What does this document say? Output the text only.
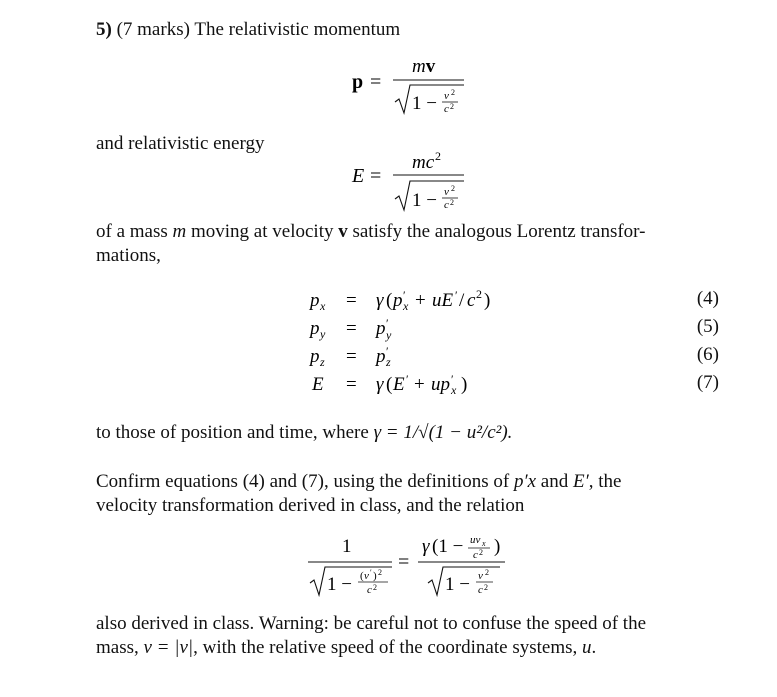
5) (7 marks) The relativistic momentum
p =
mv
1 − v 2
c 2
and relativistic energy
E =
mc 2
1 − v 2
c 2
of a mass m moving at velocity v satisfy the analogous Lorentz transfor-
mations,
p x = γ ( p ′
x + uE ′ / c 2 )
p y = p ′
y
p z = p ′
z
E = γ ( E ′ + up ′
x )
(4)
(5)
(6)
(7)
to those of position and time, where γ = 1/√(1 − u²/c²).
Confirm equations (4) and (7), using the definitions of p′x and E′, the
velocity transformation derived in class, and the relation
1
1 − ( v ′ ) 2
c 2
=
γ (1 − uv x
c 2 )
1 − v 2
c 2
also derived in class. Warning: be careful not to confuse the speed of the
mass, v = |v|, with the relative speed of the coordinate systems, u.
